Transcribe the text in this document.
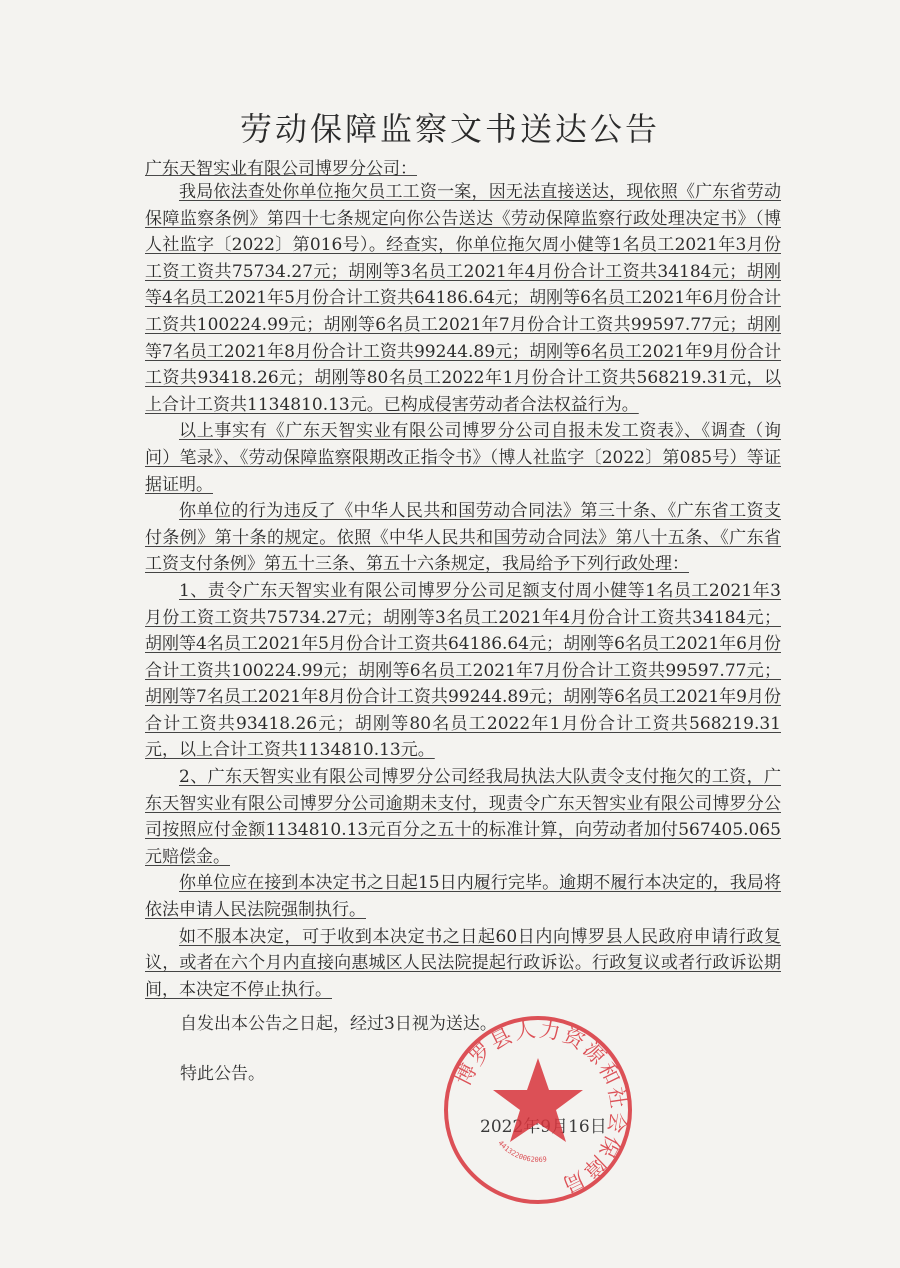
劳动保障监察文书送达公告
广东天智实业有限公司博罗分公司：

我局依法查处你单位拖欠员工工资一案，因无法直接送达，现依照《广东省劳动保障监察条例》第四十七条规定向你公告送达《劳动保障监察行政处理决定书》（博人社监字〔2022〕第016号）。经查实，你单位拖欠周小健等1名员工2021年3月份工资工资共75734.27元；胡刚等3名员工2021年4月份合计工资共34184元；胡刚等4名员工2021年5月份合计工资共64186.64元；胡刚等6名员工2021年6月份合计工资共100224.99元；胡刚等6名员工2021年7月份合计工资共99597.77元；胡刚等7名员工2021年8月份合计工资共99244.89元；胡刚等6名员工2021年9月份合计工资共93418.26元；胡刚等80名员工2022年1月份合计工资共568219.31元，以上合计工资共1134810.13元。已构成侵害劳动者合法权益行为。

以上事实有《广东天智实业有限公司博罗分公司自报未发工资表》、《调查（询问）笔录》、《劳动保障监察限期改正指令书》（博人社监字〔2022〕第085号）等证据证明。

你单位的行为违反了《中华人民共和国劳动合同法》第三十条、《广东省工资支付条例》第十条的规定。依照《中华人民共和国劳动合同法》第八十五条、《广东省工资支付条例》第五十三条、第五十六条规定，我局给予下列行政处理：

1、责令广东天智实业有限公司博罗分公司足额支付周小健等1名员工2021年3月份工资工资共75734.27元；胡刚等3名员工2021年4月份合计工资共34184元；胡刚等4名员工2021年5月份合计工资共64186.64元；胡刚等6名员工2021年6月份合计工资共100224.99元；胡刚等6名员工2021年7月份合计工资共99597.77元；胡刚等7名员工2021年8月份合计工资共99244.89元；胡刚等6名员工2021年9月份合计工资共93418.26元；胡刚等80名员工2022年1月份合计工资共568219.31元，以上合计工资共1134810.13元。

2、广东天智实业有限公司博罗分公司经我局执法大队责令支付拖欠的工资，广东天智实业有限公司博罗分公司逾期未支付，现责令广东天智实业有限公司博罗分公司按照应付金额1134810.13元百分之五十的标准计算，向劳动者加付567405.065元赔偿金。

你单位应在接到本决定书之日起15日内履行完毕。逾期不履行本决定的，我局将依法申请人民法院强制执行。

如不服本决定，可于收到本决定书之日起60日内向博罗县人民政府申请行政复议，或者在六个月内直接向惠城区人民法院提起行政诉讼。行政复议或者行政诉讼期间，本决定不停止执行。

自发出本公告之日起，经过3日视为送达。
特此公告。
2022年9月16日
博罗县人力资源和社会保障局
4413220062069
